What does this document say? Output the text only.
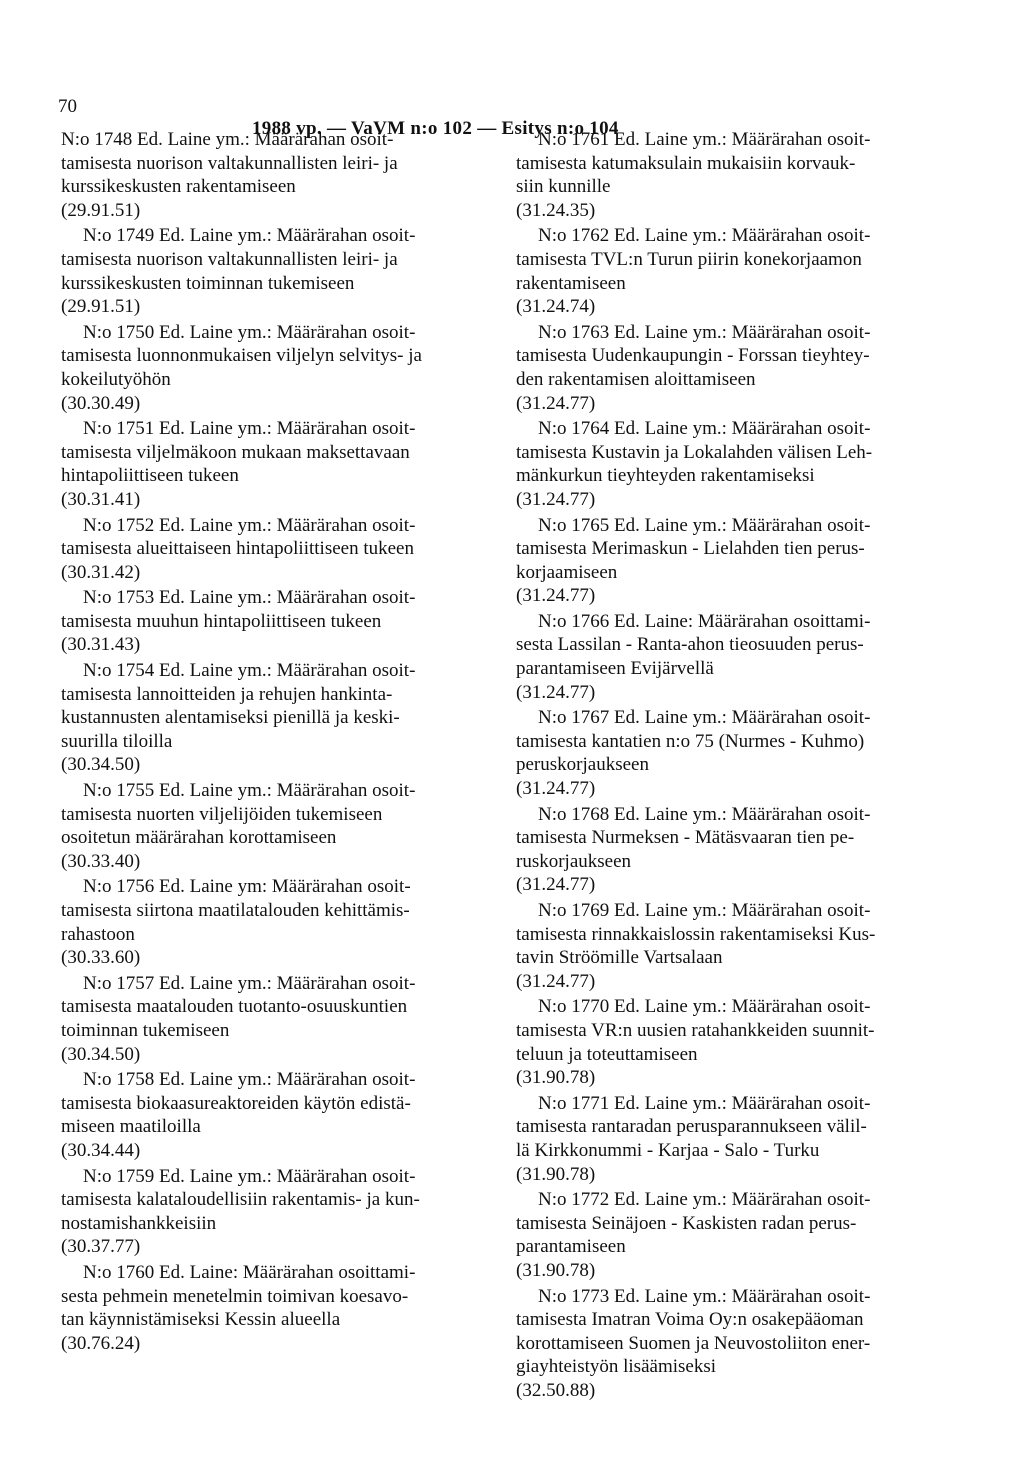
70

1988 vp. — VaVM n:o 102 — Esitys n:o 104

N:o 1748 Ed. Laine ym.: Määrärahan osoit-

tamisesta nuorison valtakunnallisten leiri- ja

kurssikeskusten rakentamiseen

(29.91.51)

N:o 1749 Ed. Laine ym.: Määrärahan osoit-

tamisesta nuorison valtakunnallisten leiri- ja

kurssikeskusten toiminnan tukemiseen

(29.91.51)

N:o 1750 Ed. Laine ym.: Määrärahan osoit-

tamisesta luonnonmukaisen viljelyn selvitys- ja

kokeilutyöhön

(30.30.49)

N:o 1751 Ed. Laine ym.: Määrärahan osoit-

tamisesta viljelmäkoon mukaan maksettavaan

hintapoliittiseen tukeen

(30.31.41)

N:o 1752 Ed. Laine ym.: Määrärahan osoit-

tamisesta alueittaiseen hintapoliittiseen tukeen

(30.31.42)

N:o 1753 Ed. Laine ym.: Määrärahan osoit-

tamisesta muuhun hintapoliittiseen tukeen

(30.31.43)

N:o 1754 Ed. Laine ym.: Määrärahan osoit-

tamisesta lannoitteiden ja rehujen hankinta-

kustannusten alentamiseksi pienillä ja keski-

suurilla tiloilla

(30.34.50)

N:o 1755 Ed. Laine ym.: Määrärahan osoit-

tamisesta nuorten viljelijöiden tukemiseen

osoitetun määrärahan korottamiseen

(30.33.40)

N:o 1756 Ed. Laine ym: Määrärahan osoit-

tamisesta siirtona maatilatalouden kehittämis-

rahastoon

(30.33.60)

N:o 1757 Ed. Laine ym.: Määrärahan osoit-

tamisesta maatalouden tuotanto-osuuskuntien

toiminnan tukemiseen

(30.34.50)

N:o 1758 Ed. Laine ym.: Määrärahan osoit-

tamisesta biokaasureaktoreiden käytön edistä-

miseen maatiloilla

(30.34.44)

N:o 1759 Ed. Laine ym.: Määrärahan osoit-

tamisesta kalataloudellisiin rakentamis- ja kun-

nostamishankkeisiin

(30.37.77)

N:o 1760 Ed. Laine: Määrärahan osoittami-

sesta pehmein menetelmin toimivan koesavo-

tan käynnistämiseksi Kessin alueella

(30.76.24)

N:o 1761 Ed. Laine ym.: Määrärahan osoit-

tamisesta katumaksulain mukaisiin korvauk-

siin kunnille

(31.24.35)

N:o 1762 Ed. Laine ym.: Määrärahan osoit-

tamisesta TVL:n Turun piirin konekorjaamon

rakentamiseen

(31.24.74)

N:o 1763 Ed. Laine ym.: Määrärahan osoit-

tamisesta Uudenkaupungin - Forssan tieyhtey-

den rakentamisen aloittamiseen

(31.24.77)

N:o 1764 Ed. Laine ym.: Määrärahan osoit-

tamisesta Kustavin ja Lokalahden välisen Leh-

mänkurkun tieyhteyden rakentamiseksi

(31.24.77)

N:o 1765 Ed. Laine ym.: Määrärahan osoit-

tamisesta Merimaskun - Lielahden tien perus-

korjaamiseen

(31.24.77)

N:o 1766 Ed. Laine: Määrärahan osoittami-

sesta Lassilan - Ranta-ahon tieosuuden perus-

parantamiseen Evijärvellä

(31.24.77)

N:o 1767 Ed. Laine ym.: Määrärahan osoit-

tamisesta kantatien n:o 75 (Nurmes - Kuhmo)

peruskorjaukseen

(31.24.77)

N:o 1768 Ed. Laine ym.: Määrärahan osoit-

tamisesta Nurmeksen - Mätäsvaaran tien pe-

ruskorjaukseen

(31.24.77)

N:o 1769 Ed. Laine ym.: Määrärahan osoit-

tamisesta rinnakkaislossin rakentamiseksi Kus-

tavin Ströömille Vartsalaan

(31.24.77)

N:o 1770 Ed. Laine ym.: Määrärahan osoit-

tamisesta VR:n uusien ratahankkeiden suunnit-

teluun ja toteuttamiseen

(31.90.78)

N:o 1771 Ed. Laine ym.: Määrärahan osoit-

tamisesta rantaradan perusparannukseen välil-

lä Kirkkonummi - Karjaa - Salo - Turku

(31.90.78)

N:o 1772 Ed. Laine ym.: Määrärahan osoit-

tamisesta Seinäjoen - Kaskisten radan perus-

parantamiseen

(31.90.78)

N:o 1773 Ed. Laine ym.: Määrärahan osoit-

tamisesta Imatran Voima Oy:n osakepääoman

korottamiseen Suomen ja Neuvostoliiton ener-

giayhteistyön lisäämiseksi

(32.50.88)
